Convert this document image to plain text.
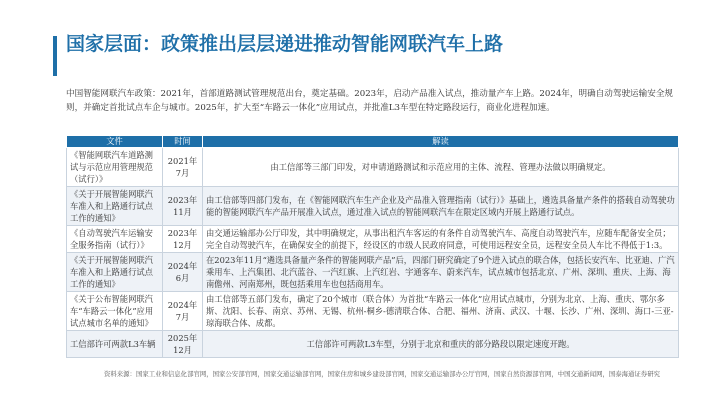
国家层面：政策推出层层递进推动智能网联汽车上路
中国智能网联汽车政策：2021年，首部道路测试管理规范出台，奠定基础。2023年，启动产品准入试点，推动量产车上路。2024年，明确自动驾驶运输安全规则，并确定首批试点车企与城市。2025年，扩大至“车路云一体化”应用试点，并批准L3车型在特定路段运行，商业化进程加速。
文件	时间	解读
《智能网联汽车道路测试与示范应用管理规范（试行）》	2021年7月	由工信部等三部门印发，对申请道路测试和示范应用的主体、流程、管理办法做以明确规定。
《关于开展智能网联汽车准入和上路通行试点工作的通知》	2023年11月	由工信部等四部门发布，在《智能网联汽车生产企业及产品准入管理指南（试行）》基础上，遴选具备量产条件的搭载自动驾驶功能的智能网联汽车产品开展准入试点，通过准入试点的智能网联汽车在限定区域内开展上路通行试点。
《自动驾驶汽车运输安全服务指南（试行）》	2023年12月	由交通运输部办公厅印发，其中明确规定，从事出租汽车客运的有条件自动驾驶汽车、高度自动驾驶汽车，应随车配备安全员；完全自动驾驶汽车，在确保安全的前提下，经设区的市级人民政府同意，可使用远程安全员，远程安全员人车比不得低于1:3。
《关于开展智能网联汽车准入和上路通行试点工作的通知》	2024年6月	在2023年11月“遴选具备量产条件的智能网联产品”后，四部门研究确定了9个进入试点的联合体，包括长安汽车、比亚迪、广汽乘用车、上汽集团、北汽蓝谷、一汽红旗、上汽红岩、宇通客车、蔚来汽车，试点城市包括北京、广州、深圳、重庆、上海、海南儋州、河南郑州，既包括乘用车也包括商用车。
《关于公布智能网联汽车“车路云一体化”应用试点城市名单的通知》	2024年7月	由工信部等五部门发布，确定了20个城市（联合体）为首批“车路云一体化”应用试点城市，分别为北京、上海、重庆、鄂尔多斯、沈阳、长春、南京、苏州、无锡、杭州-桐乡-德清联合体、合肥、福州、济南、武汉、十堰、长沙、广州、深圳、海口-三亚-琼海联合体、成都。
工信部许可两款L3车辆	2025年12月	工信部许可两款L3车型，分别于北京和重庆的部分路段以限定速度开跑。
资料来源：国家工业和信息化部官网，国家公安部官网，国家交通运输部官网，国家住房和城乡建设部官网，国家交通运输部办公厅官网，国家自然资源部官网，中国交通新闻网，国泰海通证券研究
